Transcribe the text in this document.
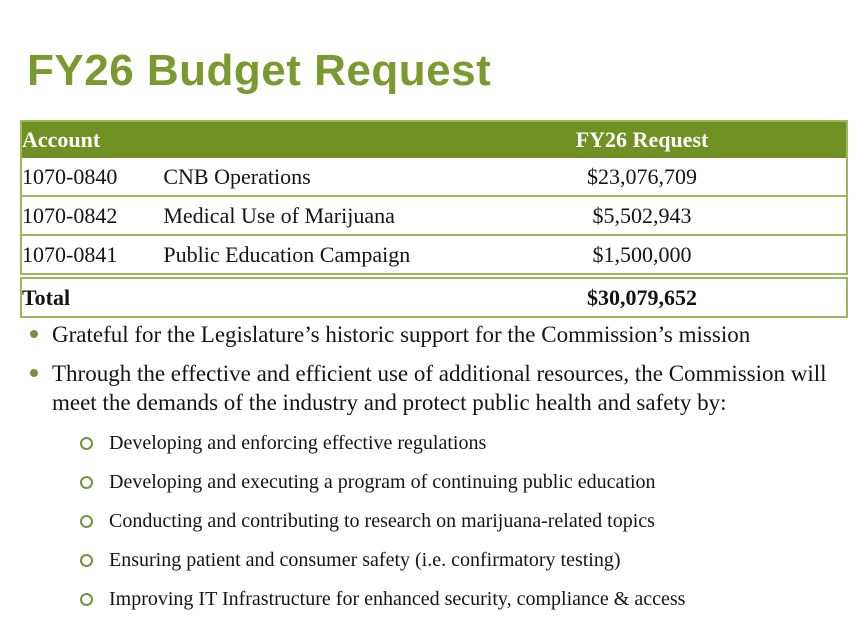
FY26 Budget Request
Account		FY26 Request
1070-0840	CNB Operations	$23,076,709
1070-0842	Medical Use of Marijuana	$5,502,943
1070-0841	Public Education Campaign	$1,500,000
Total		$30,079,652
Grateful for the Legislature’s historic support for the Commission’s mission
Through the effective and efficient use of additional resources, the Commission will meet the demands of the industry and protect public health and safety by:
Developing and enforcing effective regulations
Developing and executing a program of continuing public education
Conducting and contributing to research on marijuana-related topics
Ensuring patient and consumer safety (i.e. confirmatory testing)
Improving IT Infrastructure for enhanced security, compliance & access
